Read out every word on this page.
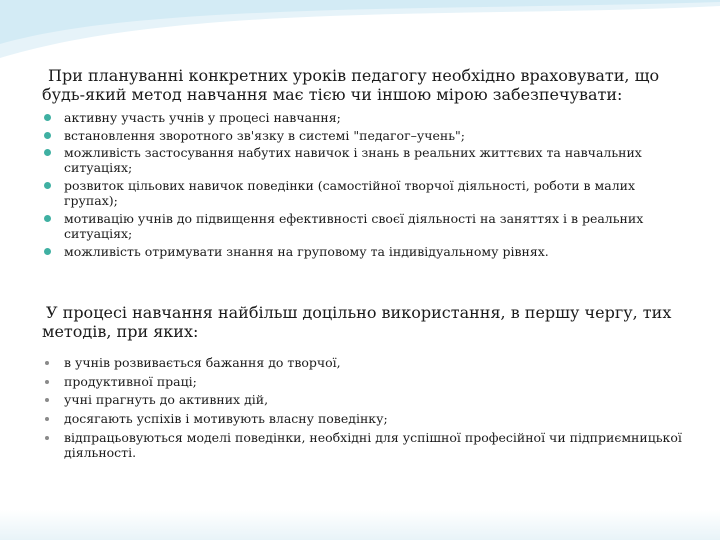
При плануванні конкретних уроків педагогу необхідно враховувати, що будь-який метод навчання має тією чи іншою мірою забезпечувати:

активну участь учнів у процесі навчання;
встановлення зворотного зв'язку в системі "педагог–учень";
можливість застосування набутих навичок і знань в реальних життєвих та навчальних ситуаціях;
розвиток цільових навичок поведінки (самостійної творчої діяльності, роботи в малих групах);
мотивацію учнів до підвищення ефективності своєї діяльності на заняттях і в реальних ситуаціях;
можливість отримувати знання на груповому та індивідуальному рівнях.

У процесі навчання найбільш доцільно використання, в першу чергу, тих методів, при яких:

в учнів розвивається бажання до творчої,
продуктивної праці;
учні прагнуть до активних дій,
досягають успіхів і мотивують власну поведінку;
відпрацьовуються моделі поведінки, необхідні для успішної професійної чи підприємницької діяльності.
